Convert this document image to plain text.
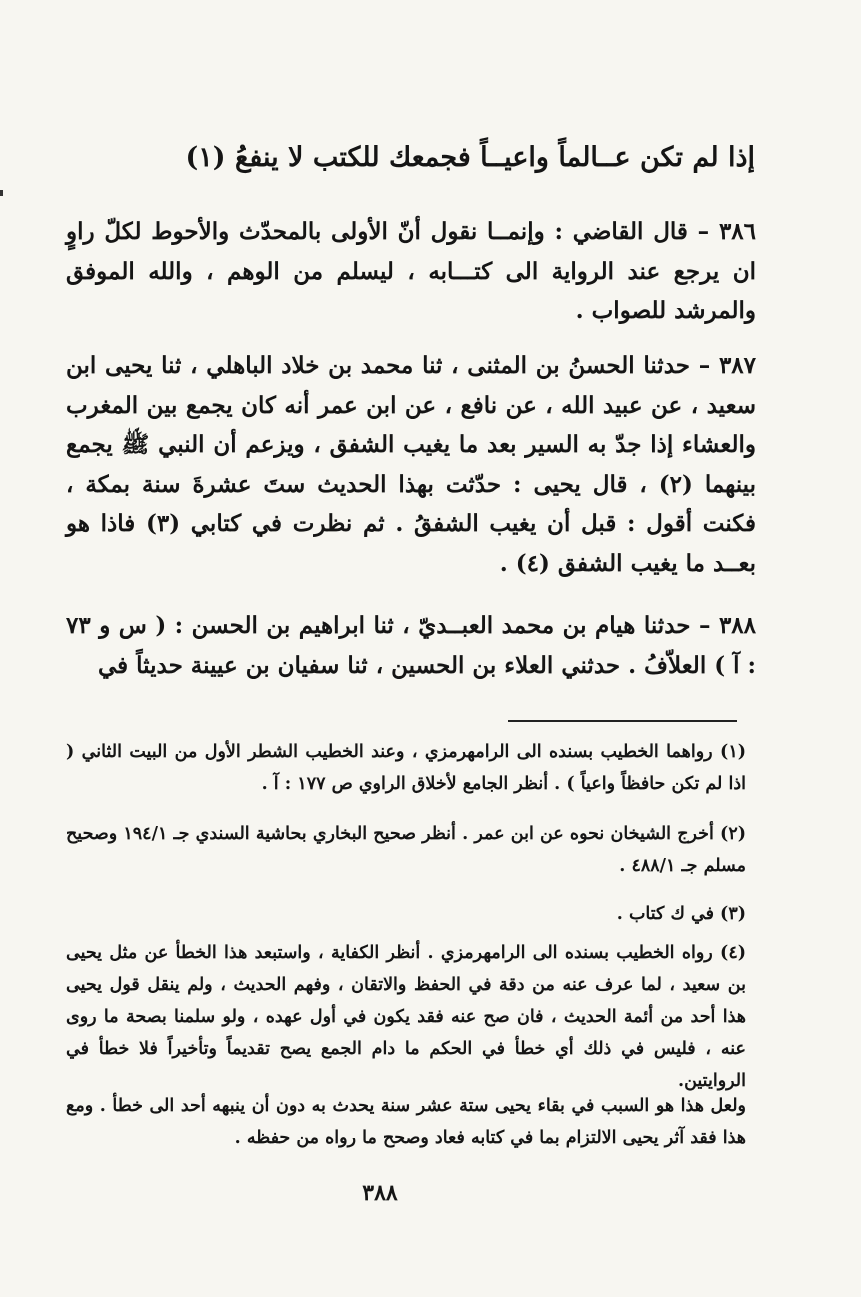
إذا لم تكن عــالماً واعيــاً فجمعك للكتب لا ينفعُ (١)
٣٨٦ – قال القاضي : وإنمــا نقول أنّ الأولى بالمحدّث والأحوط لكلّ راوٍ ان يرجع عند الرواية الى كتـــابه ، ليسلم من الوهم ، والله الموفق والمرشد للصواب .
٣٨٧ – حدثنا الحسنُ بن المثنى ، ثنا محمد بن خلاد الباهلي ، ثنا يحيى ابن سعيد ، عن عبيد الله ، عن نافع ، عن ابن عمر أنه كان يجمع بين المغرب والعشاء إذا جدّ به السير بعد ما يغيب الشفق ، ويزعم أن النبي ﷺ يجمع بينهما (٢) ، قال يحيى : حدّثت بهذا الحديث ستَ عشرةَ سنة بمكة ، فكنت أقول : قبل أن يغيب الشفقُ . ثم نظرت في كتابي (٣) فاذا هو بعــد ما يغيب الشفق (٤) .
٣٨٨ – حدثنا هيام بن محمد العبــديّ ، ثنا ابراهيم بن الحسن : ( س و ٧٣ : آ ) العلاّفُ . حدثني العلاء بن الحسين ، ثنا سفيان بن عيينة حديثاً في
(١) رواهما الخطيب بسنده الى الرامهرمزي ، وعند الخطيب الشطر الأول من البيت الثاني ( اذا لم تكن حافظاً واعياً ) . أنظر الجامع لأخلاق الراوي ص ١٧٧ : آ .
(٢) أخرج الشيخان نحوه عن ابن عمر . أنظر صحيح البخاري بحاشية السندي جـ ١٩٤/١ وصحيح مسلم جـ ٤٨٨/١ .
(٣) في ك كتاب .
(٤) رواه الخطيب بسنده الى الرامهرمزي . أنظر الكفاية ، واستبعد هذا الخطأ عن مثل يحيى بن سعيد ، لما عرف عنه من دقة في الحفظ والاتقان ، وفهم الحديث ، ولم ينقل قول يحيى هذا أحد من أئمة الحديث ، فان صح عنه فقد يكون في أول عهده ، ولو سلمنا بصحة ما روى عنه ، فليس في ذلك أي خطأ في الحكم ما دام الجمع يصح تقديماً وتأخيراً فلا خطأ في الروايتين.
ولعل هذا هو السبب في بقاء يحيى ستة عشر سنة يحدث به دون أن ينبهه أحد الى خطأ . ومع هذا فقد آثر يحيى الالتزام بما في كتابه فعاد وصحح ما رواه من حفظه .
٣٨٨
